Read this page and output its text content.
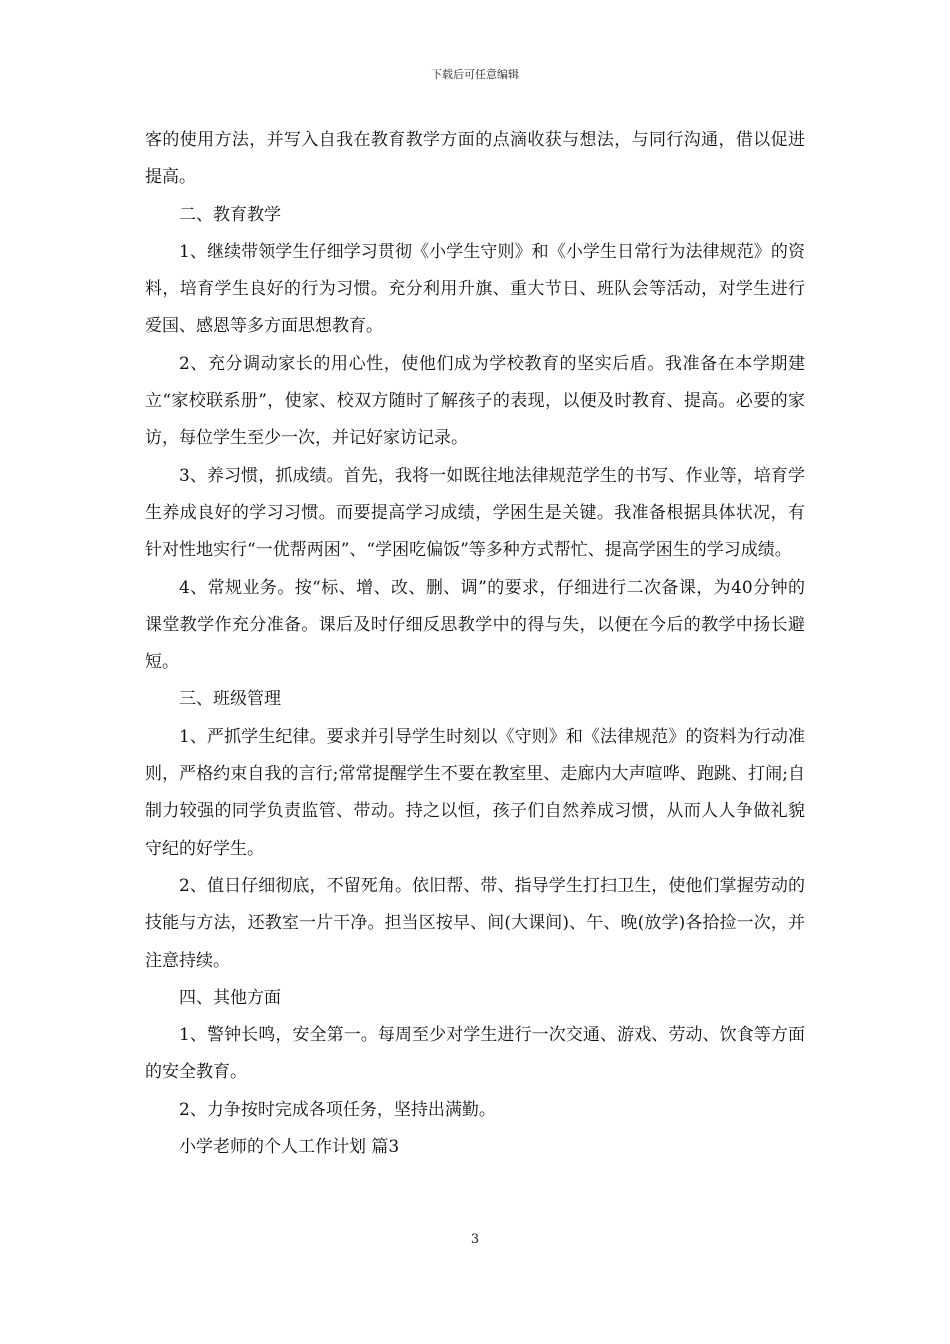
下载后可任意编辑

客的使用方法，并写入自我在教育教学方面的点滴收获与想法，与同行沟通，借以促进提高。

二、教育教学

1、继续带领学生仔细学习贯彻《小学生守则》和《小学生日常行为法律规范》的资料，培育学生良好的行为习惯。充分利用升旗、重大节日、班队会等活动，对学生进行爱国、感恩等多方面思想教育。

2、充分调动家长的用心性，使他们成为学校教育的坚实后盾。我准备在本学期建立“家校联系册”，使家、校双方随时了解孩子的表现，以便及时教育、提高。必要的家访，每位学生至少一次，并记好家访记录。

3、养习惯，抓成绩。首先，我将一如既往地法律规范学生的书写、作业等，培育学生养成良好的学习习惯。而要提高学习成绩，学困生是关键。我准备根据具体状况，有针对性地实行“一优帮两困”、“学困吃偏饭”等多种方式帮忙、提高学困生的学习成绩。

4、常规业务。按“标、增、改、删、调”的要求，仔细进行二次备课，为40分钟的课堂教学作充分准备。课后及时仔细反思教学中的得与失，以便在今后的教学中扬长避短。

三、班级管理

1、严抓学生纪律。要求并引导学生时刻以《守则》和《法律规范》的资料为行动准则，严格约束自我的言行;常常提醒学生不要在教室里、走廊内大声喧哗、跑跳、打闹;自制力较强的同学负责监管、带动。持之以恒，孩子们自然养成习惯，从而人人争做礼貌守纪的好学生。

2、值日仔细彻底，不留死角。依旧帮、带、指导学生打扫卫生，使他们掌握劳动的技能与方法，还教室一片干净。担当区按早、间(大课间)、午、晚(放学)各拾捡一次，并注意持续。

四、其他方面

1、警钟长鸣，安全第一。每周至少对学生进行一次交通、游戏、劳动、饮食等方面的安全教育。

2、力争按时完成各项任务，坚持出满勤。

小学老师的个人工作计划 篇3

3
